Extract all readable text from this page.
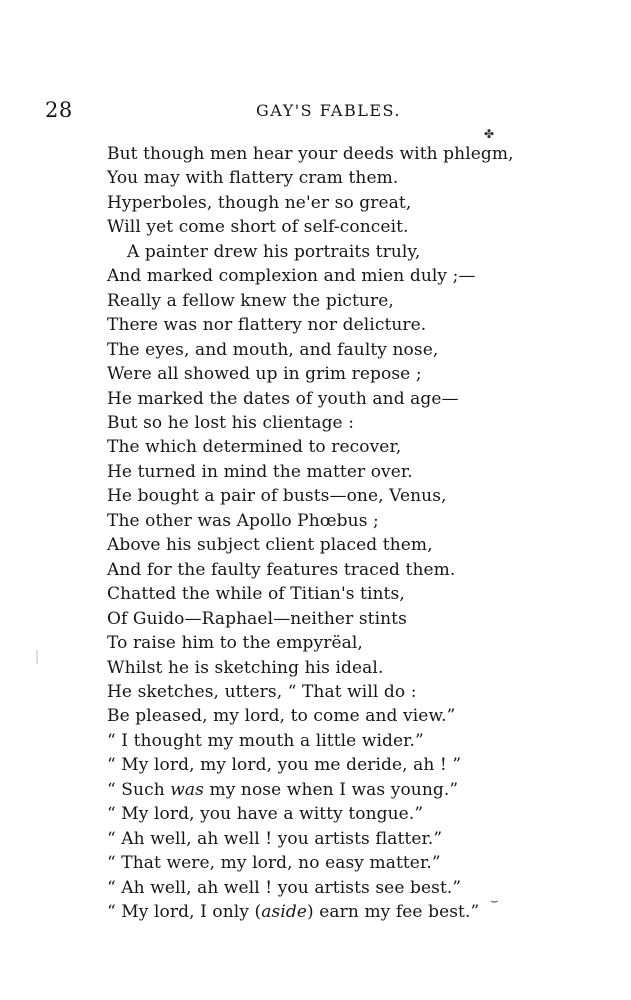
28	GAY'S FABLES.
✤
But though men hear your deeds with phlegm,
You may with flattery cram them.
Hyperboles, though ne'er so great,
Will yet come short of self-conceit.
A painter drew his portraits truly,
And marked complexion and mien duly ;—
Really a fellow knew the picture,
There was nor flattery nor delicture.
The eyes, and mouth, and faulty nose,
Were all showed up in grim repose ;
He marked the dates of youth and age—
But so he lost his clientage :
The which determined to recover,
He turned in mind the matter over.
He bought a pair of busts—one, Venus,
The other was Apollo Phœbus ;
Above his subject client placed them,
And for the faulty features traced them.
Chatted the while of Titian's tints,
Of Guido—Raphael—neither stints
To raise him to the empyrëal,
Whilst he is sketching his ideal.
He sketches, utters, “ That will do :
Be pleased, my lord, to come and view.”
“ I thought my mouth a little wider.”
“ My lord, my lord, you me deride, ah ! ”
“ Such was my nose when I was young.”
“ My lord, you have a witty tongue.”
“ Ah well, ah well ! you artists flatter.”
“ That were, my lord, no easy matter.”
“ Ah well, ah well ! you artists see best.”
“ My lord, I only (aside) earn my fee best.”
⌣
